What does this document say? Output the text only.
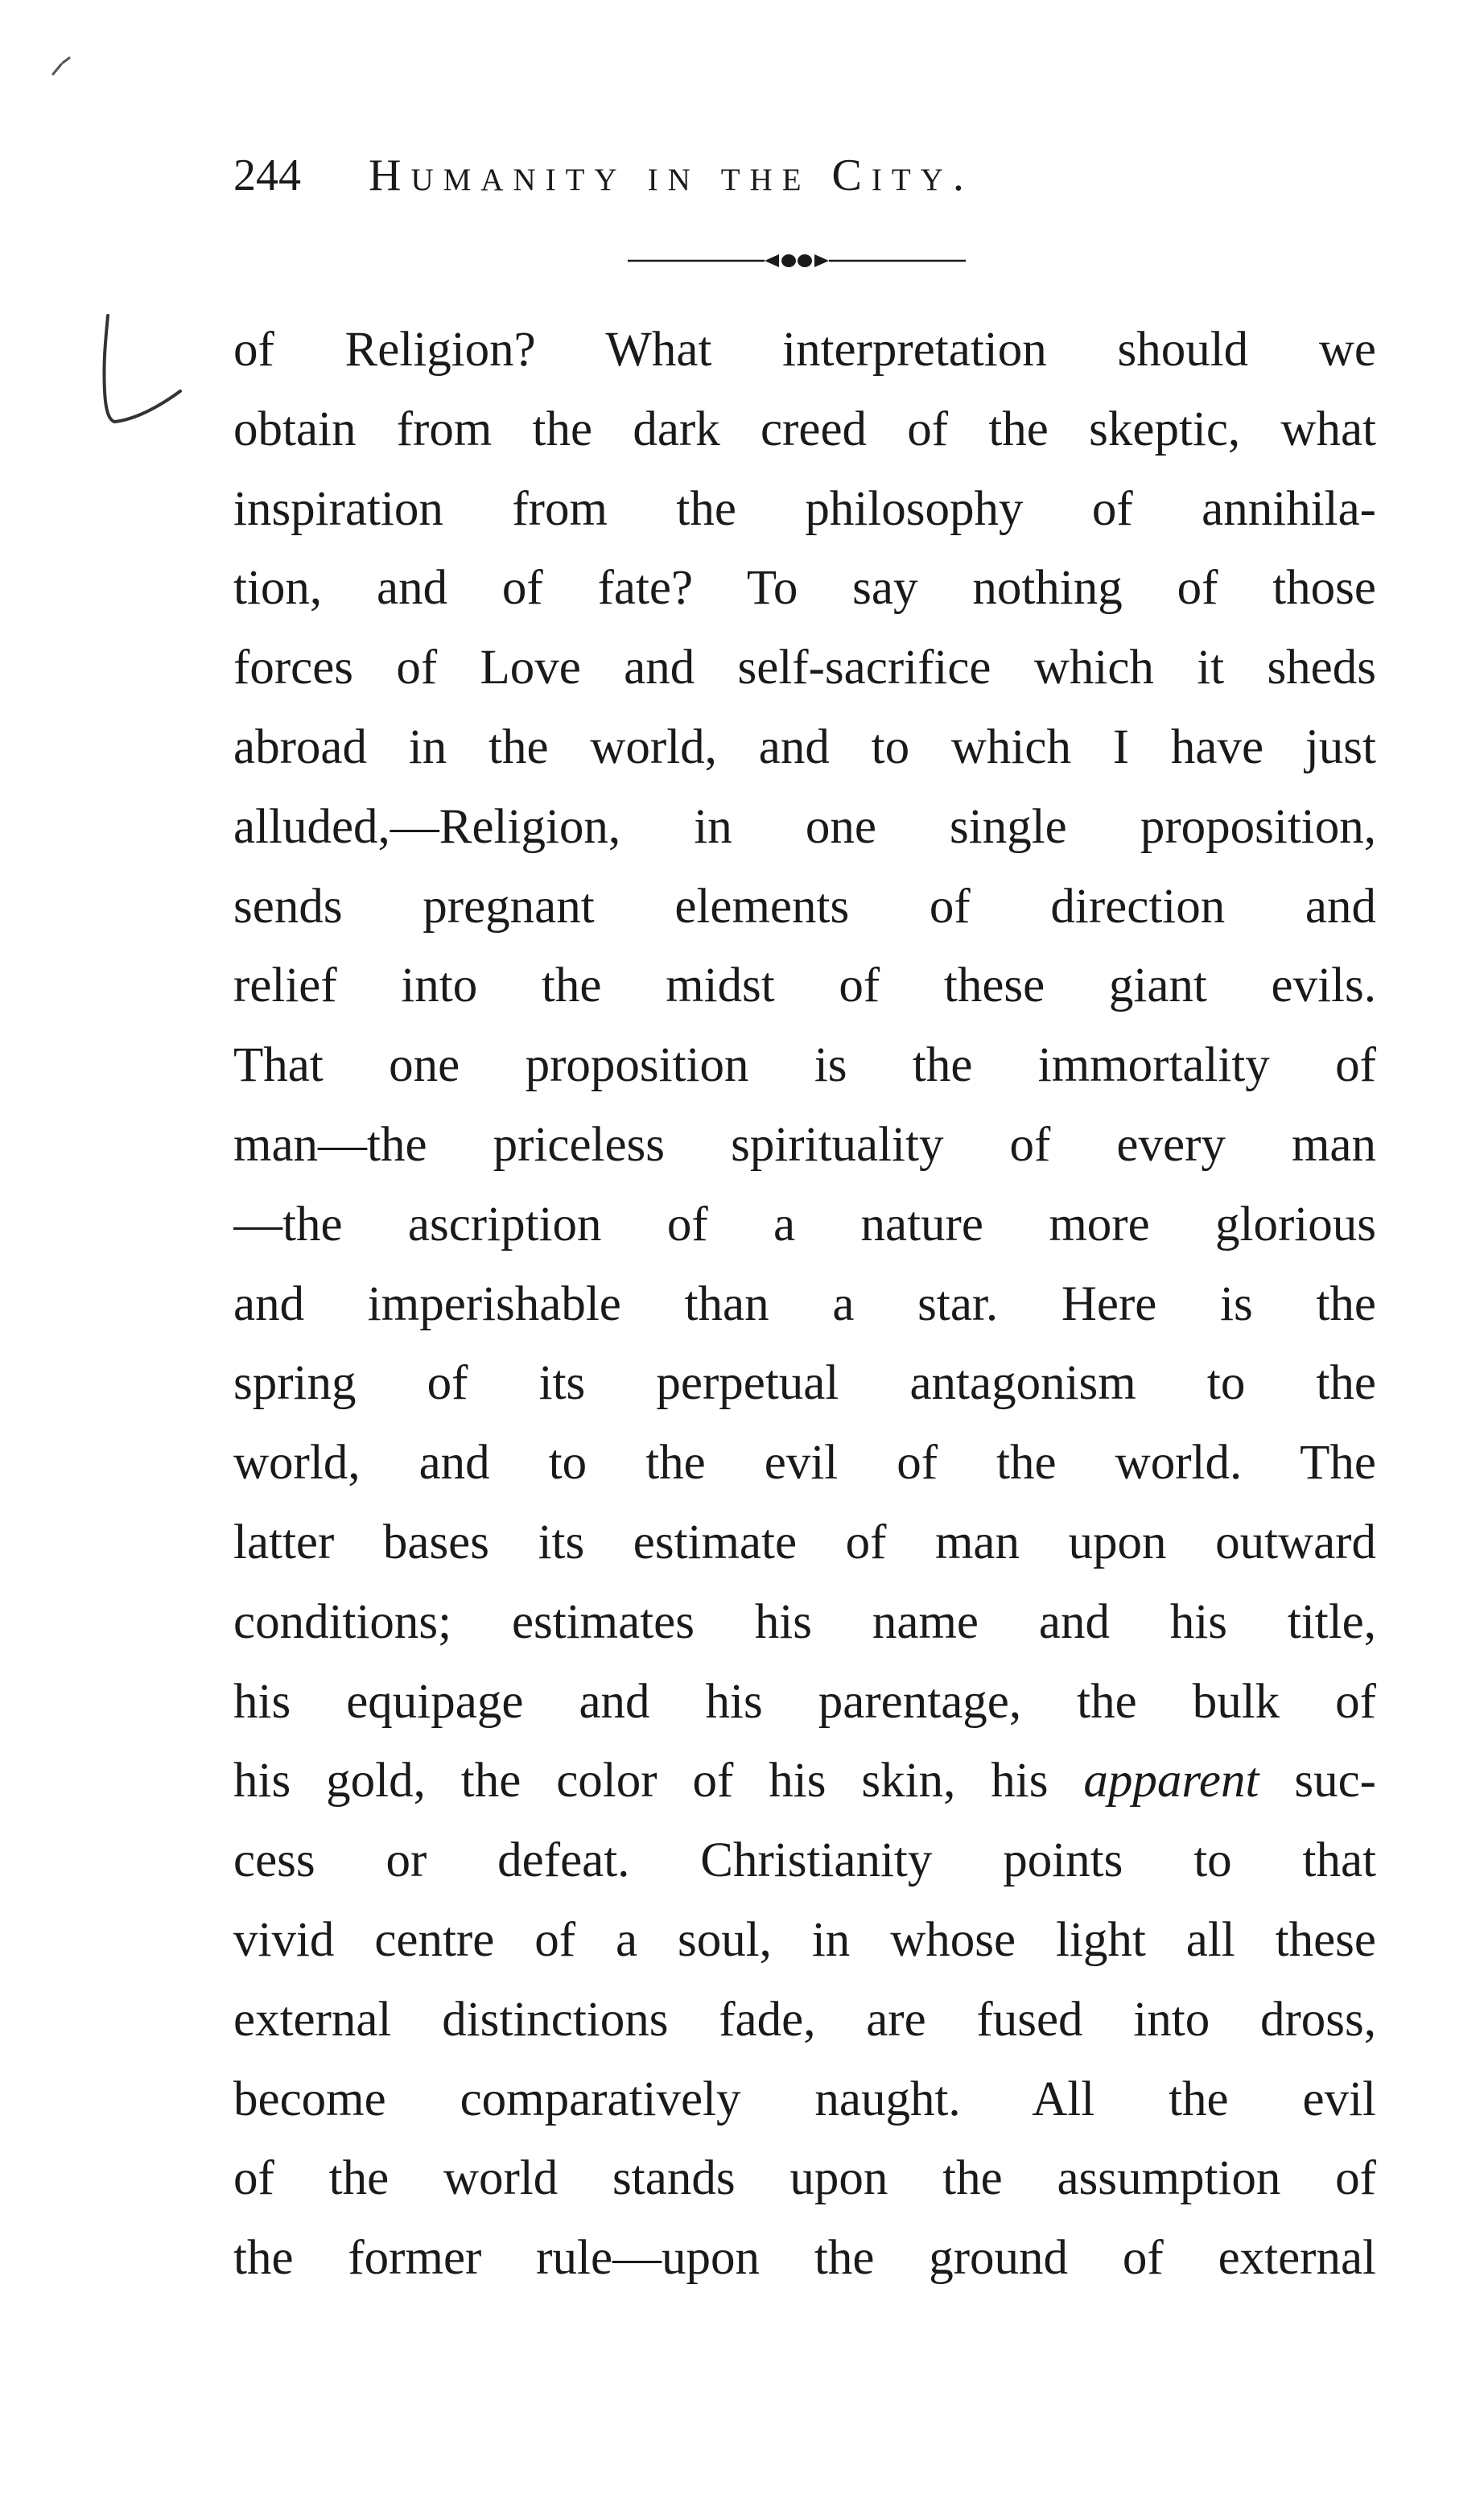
244 Humanity in the City.
of Religion? What interpretation should we
obtain from the dark creed of the skeptic, what
inspiration from the philosophy of annihila-
tion, and of fate? To say nothing of those
forces of Love and self-sacrifice which it sheds
abroad in the world, and to which I have just
alluded,—Religion, in one single proposition,
sends pregnant elements of direction and
relief into the midst of these giant evils.
That one proposition is the immortality of
man—the priceless spirituality of every man
—the ascription of a nature more glorious
and imperishable than a star. Here is the
spring of its perpetual antagonism to the
world, and to the evil of the world. The
latter bases its estimate of man upon outward
conditions; estimates his name and his title,
his equipage and his parentage, the bulk of
his gold, the color of his skin, his apparent suc-
cess or defeat. Christianity points to that
vivid centre of a soul, in whose light all these
external distinctions fade, are fused into dross,
become comparatively naught. All the evil
of the world stands upon the assumption of
the former rule—upon the ground of external
